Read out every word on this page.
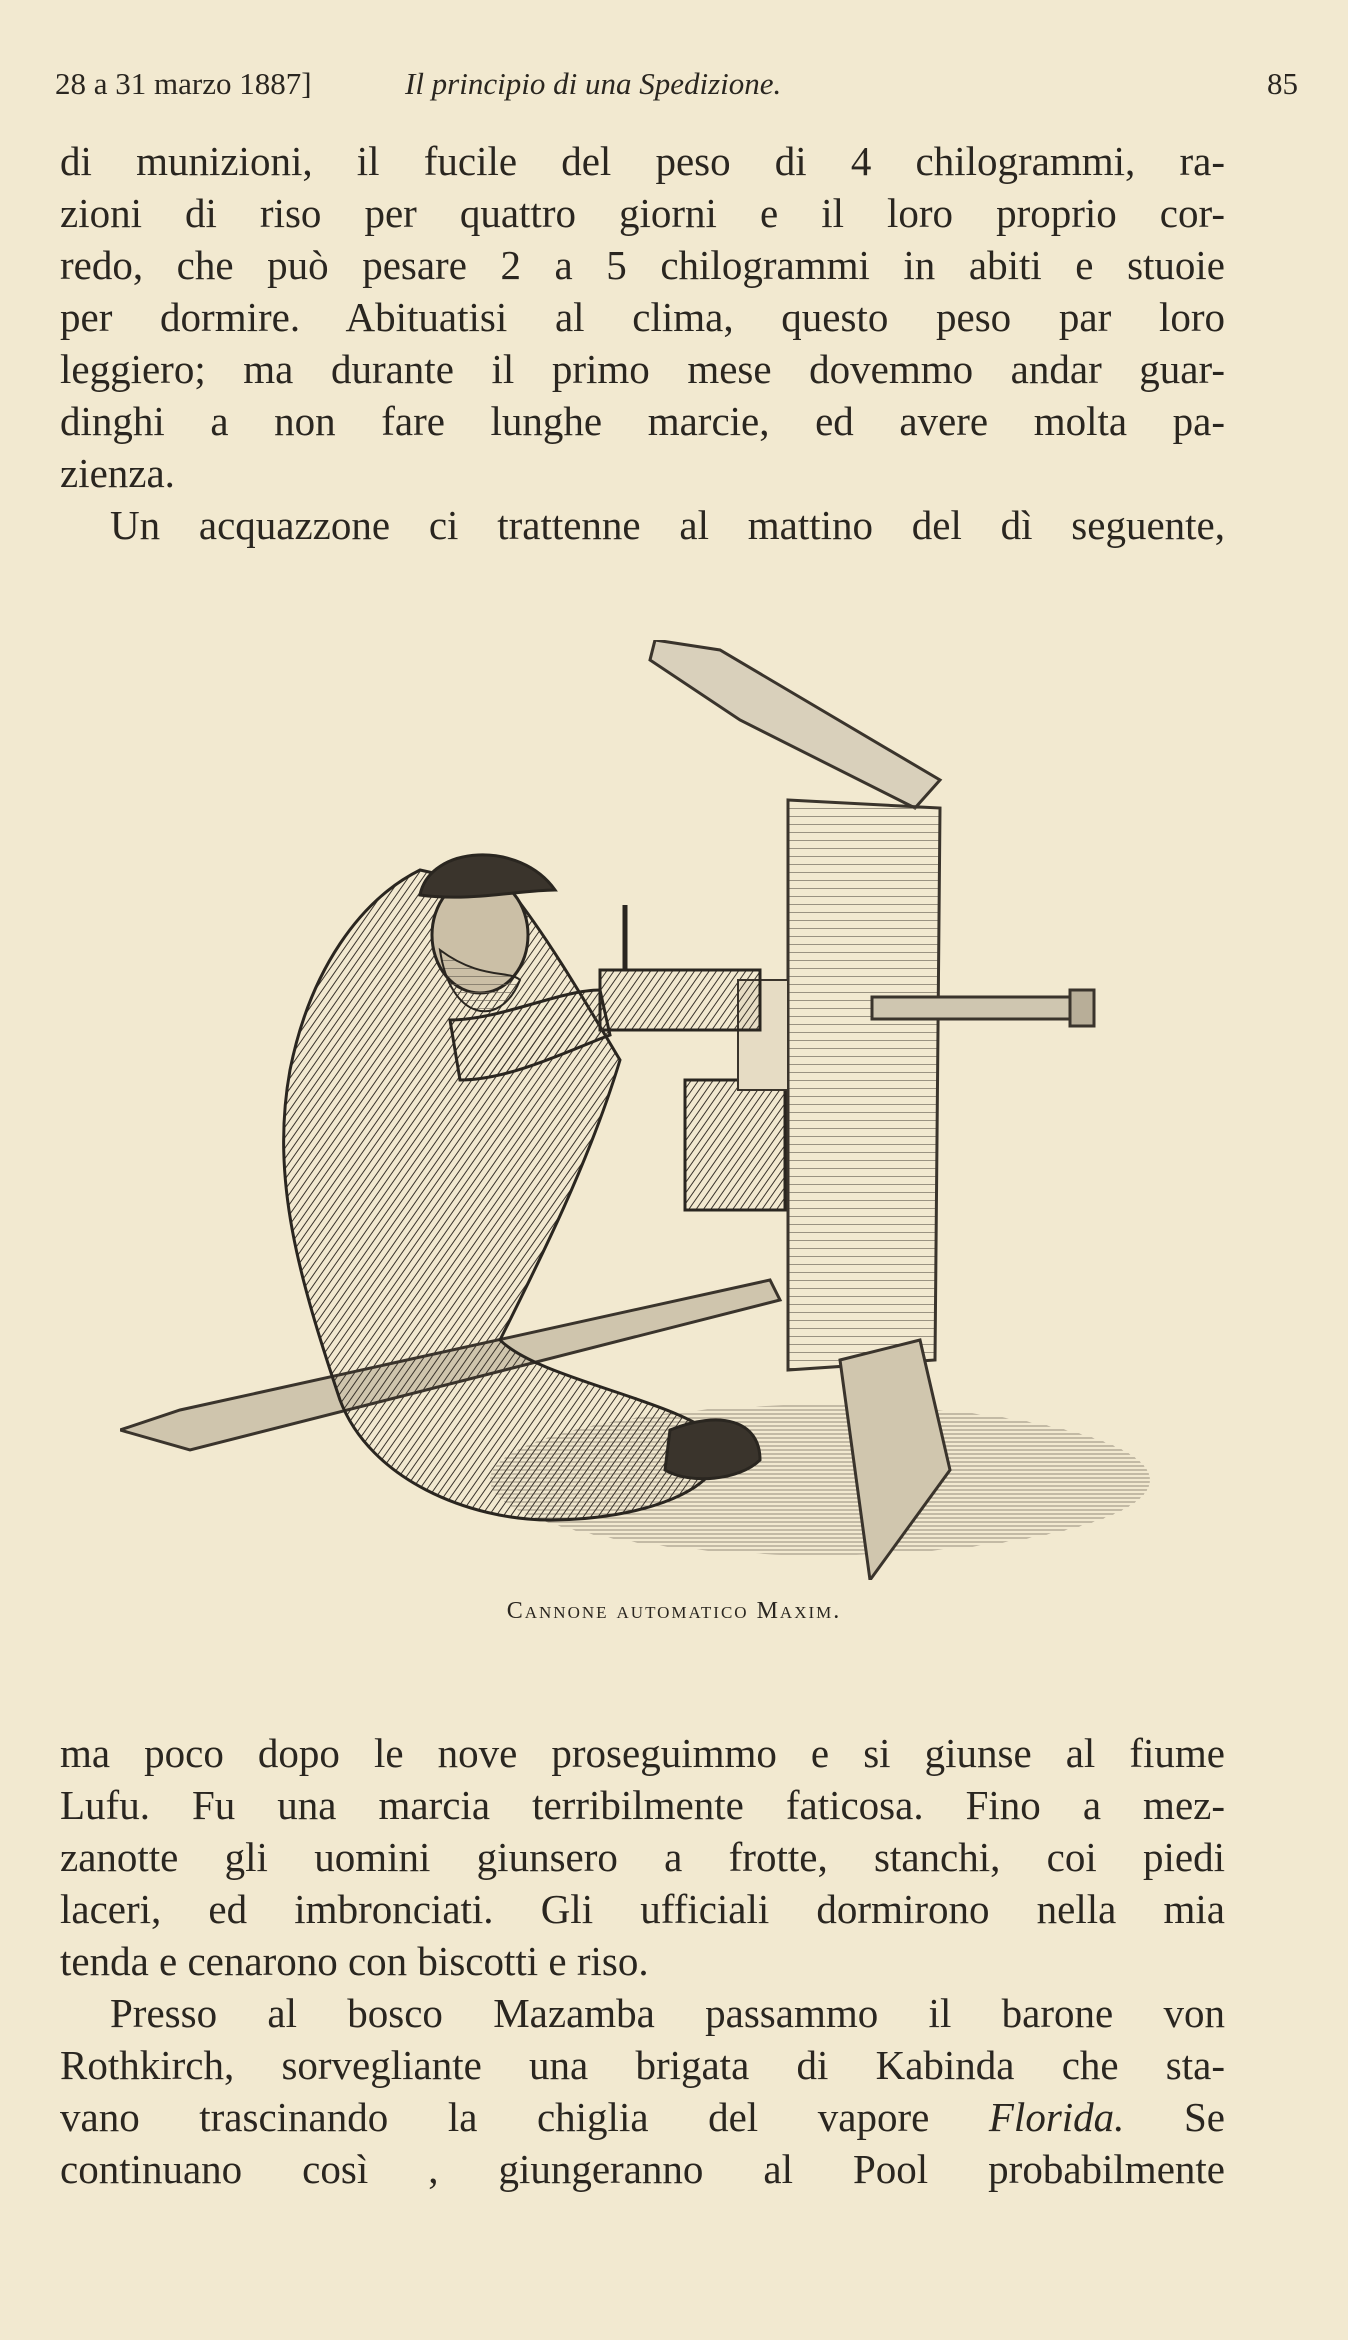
28 a 31 marzo 1887]	Il principio di una Spedizione.	85
di munizioni, il fucile del peso di 4 chilogrammi, ra-
zioni di riso per quattro giorni e il loro proprio cor-
redo, che può pesare 2 a 5 chilogrammi in abiti e stuoie
per dormire. Abituatisi al clima, questo peso par loro
leggiero; ma durante il primo mese dovemmo andar guar-
dinghi a non fare lunghe marcie, ed avere molta pa-
zienza.
Un acquazzone ci trattenne al mattino del dì seguente,
Cannone automatico Maxim.
ma poco dopo le nove proseguimmo e si giunse al fiume
Lufu. Fu una marcia terribilmente faticosa. Fino a mez-
zanotte gli uomini giunsero a frotte, stanchi, coi piedi
laceri, ed imbronciati. Gli ufficiali dormirono nella mia
tenda e cenarono con biscotti e riso.
Presso al bosco Mazamba passammo il barone von
Rothkirch, sorvegliante una brigata di Kabinda che sta-
vano trascinando la chiglia del vapore Florida. Se
continuano così , giungeranno al Pool probabilmente
